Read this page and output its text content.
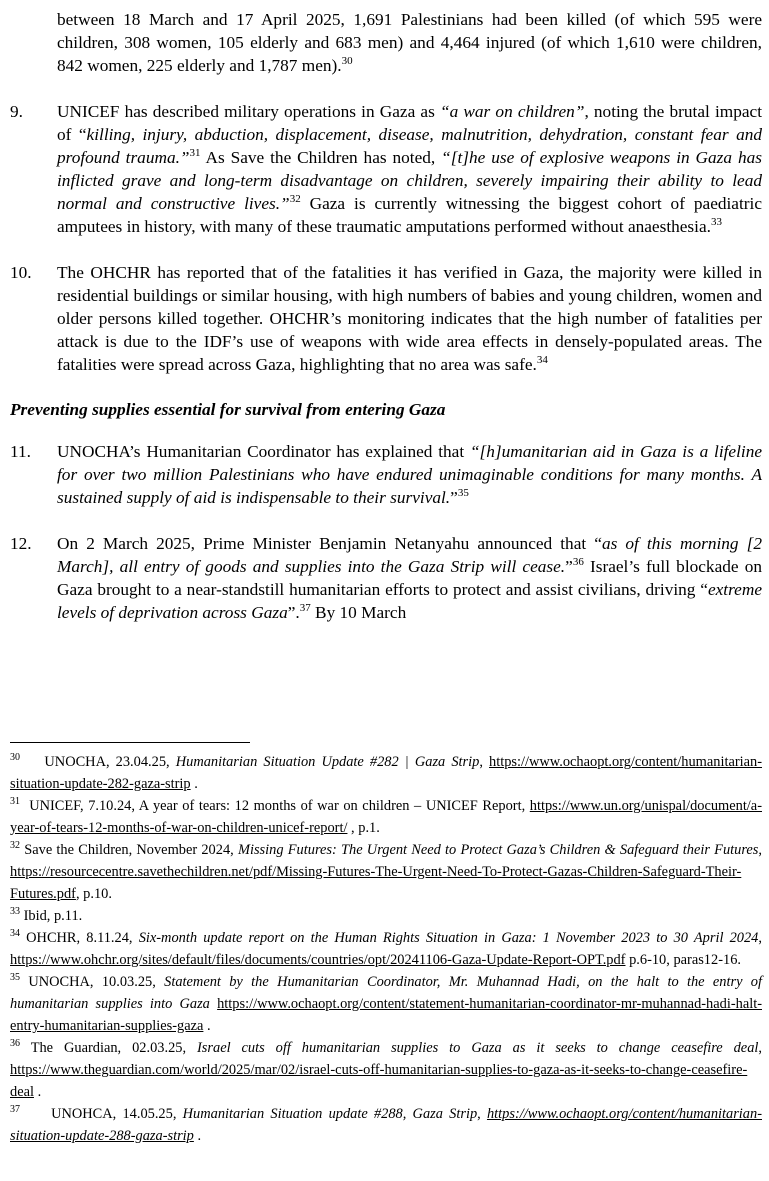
between 18 March and 17 April 2025, 1,691 Palestinians had been killed (of which 595 were children, 308 women, 105 elderly and 683 men) and 4,464 injured (of which 1,610 were children, 842 women, 225 elderly and 1,787 men).$^{30}$
9. UNICEF has described military operations in Gaza as “a war on children”, noting the brutal impact of “killing, injury, abduction, displacement, disease, malnutrition, dehydration, constant fear and profound trauma.”$^{31}$ As Save the Children has noted, “[t]he use of explosive weapons in Gaza has inflicted grave and long-term disadvantage on children, severely impairing their ability to lead normal and constructive lives.”$^{32}$ Gaza is currently witnessing the biggest cohort of paediatric amputees in history, with many of these traumatic amputations performed without anaesthesia.$^{33}$
10. The OHCHR has reported that of the fatalities it has verified in Gaza, the majority were killed in residential buildings or similar housing, with high numbers of babies and young children, women and older persons killed together. OHCHR’s monitoring indicates that the high number of fatalities per attack is due to the IDF’s use of weapons with wide area effects in densely-populated areas. The fatalities were spread across Gaza, highlighting that no area was safe.$^{34}$
Preventing supplies essential for survival from entering Gaza
11. UNOCHA’s Humanitarian Coordinator has explained that “[h]umanitarian aid in Gaza is a lifeline for over two million Palestinians who have endured unimaginable conditions for many months. A sustained supply of aid is indispensable to their survival.”$^{35}$
12. On 2 March 2025, Prime Minister Benjamin Netanyahu announced that “as of this morning [2 March], all entry of goods and supplies into the Gaza Strip will cease.”$^{36}$ Israel’s full blockade on Gaza brought to a near-standstill humanitarian efforts to protect and assist civilians, driving “extreme levels of deprivation across Gaza”.$^{37}$ By 10 March

$^{30}$ UNOCHA, 23.04.25, Humanitarian Situation Update #282 | Gaza Strip, https://www.ochaopt.org/content/humanitarian-situation-update-282-gaza-strip .

$^{31}$ UNICEF, 7.10.24, A year of tears: 12 months of war on children – UNICEF Report, https://www.un.org/unispal/document/a-year-of-tears-12-months-of-war-on-children-unicef-report/ , p.1.

$^{32}$ Save the Children, November 2024, Missing Futures: The Urgent Need to Protect Gaza’s Children & Safeguard their Futures, https://resourcecentre.savethechildren.net/pdf/Missing-Futures-The-Urgent-Need-To-Protect-Gazas-Children-Safeguard-Their-Futures.pdf, p.10.

$^{33}$ Ibid, p.11.

$^{34}$ OHCHR, 8.11.24, Six-month update report on the Human Rights Situation in Gaza: 1 November 2023 to 30 April 2024, https://www.ohchr.org/sites/default/files/documents/countries/opt/20241106-Gaza-Update-Report-OPT.pdf p.6-10, paras12-16.

$^{35}$ UNOCHA, 10.03.25, Statement by the Humanitarian Coordinator, Mr. Muhannad Hadi, on the halt to the entry of humanitarian supplies into Gaza https://www.ochaopt.org/content/statement-humanitarian-coordinator-mr-muhannad-hadi-halt-entry-humanitarian-supplies-gaza .

$^{36}$ The Guardian, 02.03.25, Israel cuts off humanitarian supplies to Gaza as it seeks to change ceasefire deal, https://www.theguardian.com/world/2025/mar/02/israel-cuts-off-humanitarian-supplies-to-gaza-as-it-seeks-to-change-ceasefire-deal .

$^{37}$ UNOHCA, 14.05.25, Humanitarian Situation update #288, Gaza Strip, https://www.ochaopt.org/content/humanitarian-situation-update-288-gaza-strip .
